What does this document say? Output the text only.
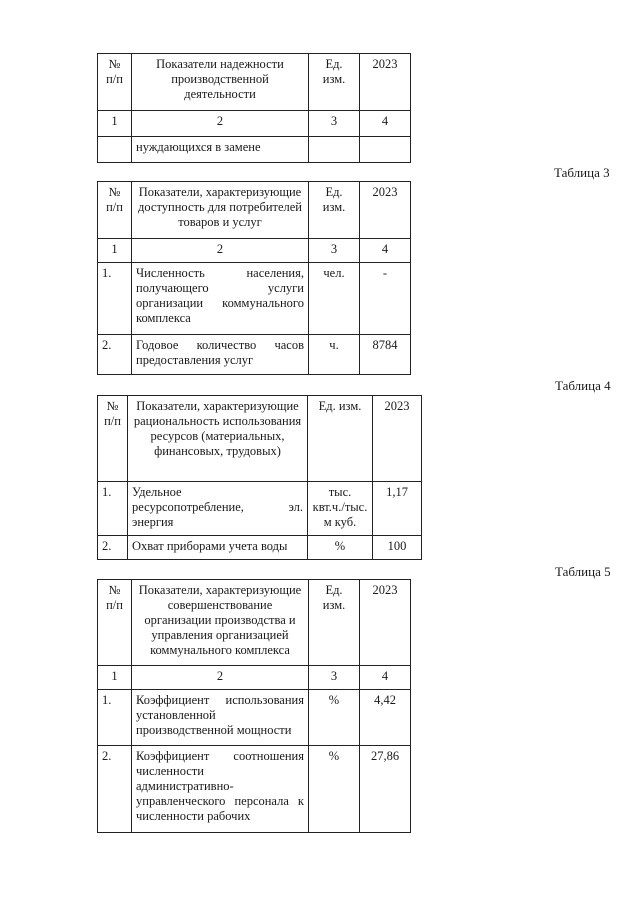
№ п/п	Показатели надежности производственной деятельности	Ед. изм.	2023
1	2	3	4
	нуждающихся в замене		
Таблица 3
№ п/п	Показатели, характеризующие доступность для потребителей товаров и услуг	Ед. изм.	2023
1	2	3	4
1.	Численность населения,
получающего услуги
организации коммунального
комплекса	чел.	-
2.	Годовое количество часов
предоставления услуг	ч.	8784
Таблица 4
№ п/п	Показатели, характеризующие рациональность использования ресурсов (материальных, финансовых, трудовых)	Ед. изм.	2023
1.	Удельное
ресурсопотребление, эл.
энергия	тыс. квт.ч./тыс. м куб.	1,17
2.	Охват приборами учета воды	%	100
Таблица 5
№ п/п	Показатели, характеризующие совершенствование организации производства и управления организацией коммунального комплекса	Ед. изм.	2023
1	2	3	4
1.	Коэффициент использования
установленной
производственной мощности	%	4,42
2.	Коэффициент соотношения
численности
административно-
управленческого персонала к
численности рабочих	%	27,86
